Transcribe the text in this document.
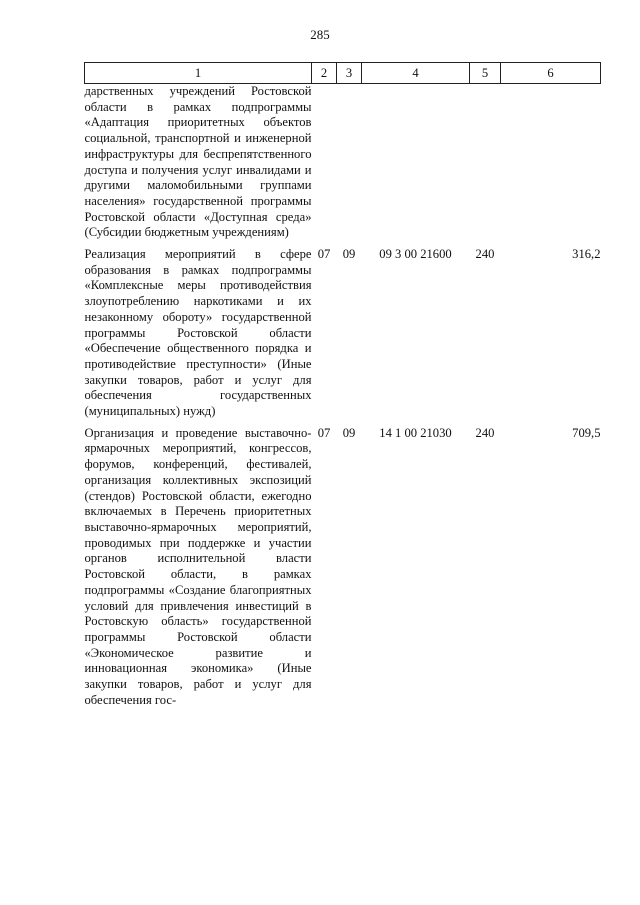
285
1	2	3	4	5	6
дарственных учреждений Ростовской области в рамках подпрограммы «Адаптация приоритетных объектов социальной, транспортной и инженерной инфраструктуры для беспрепятственного доступа и получения услуг инвалидами и другими маломобильными группами населения» государственной программы Ростовской области «Доступная среда» (Субсидии бюджетным учреждениям)					

Реализация мероприятий в сфере образования в рамках подпрограммы «Комплексные меры противодействия злоупотреблению наркотиками и их незаконному обороту» государственной программы Ростовской области «Обеспечение общественного порядка и противодействие преступности» (Иные закупки товаров, работ и услуг для обеспечения государственных (муниципальных) нужд)	07	09	09 3 00 21600	240	316,2

Организация и проведение выставочно-ярмарочных мероприятий, конгрессов, форумов, конференций, фестивалей, организация коллективных экспозиций (стендов) Ростовской области, ежегодно включаемых в Перечень приоритетных выставочно-ярмарочных мероприятий, проводимых при поддержке и участии органов исполнительной власти Ростовской области, в рамках подпрограммы «Создание благоприятных условий для привлечения инвестиций в Ростовскую область» государственной программы Ростовской области «Экономическое развитие и инновационная экономика» (Иные закупки товаров, работ и услуг для обеспечения гос-	07	09	14 1 00 21030	240	709,5
